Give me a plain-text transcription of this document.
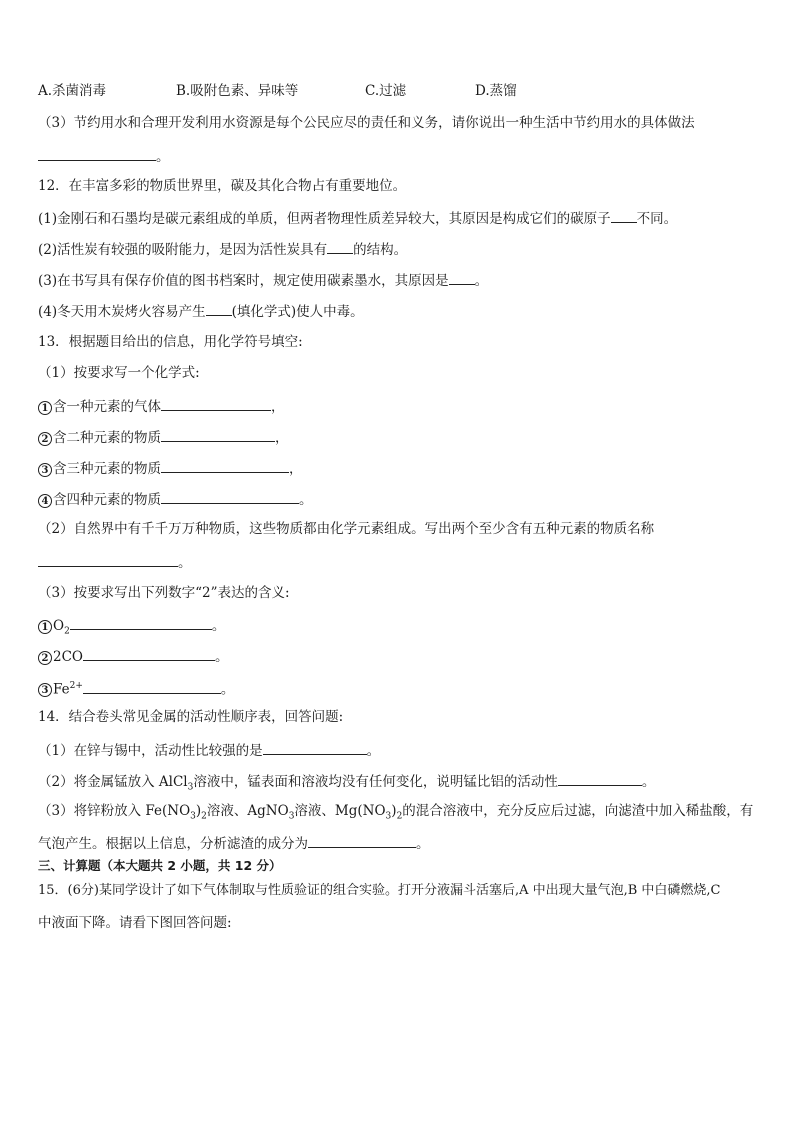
A.杀菌消毒	B.吸附色素、异味等	C.过滤	D.蒸馏
（3）节约用水和合理开发利用水资源是每个公民应尽的责任和义务，请你说出一种生活中节约用水的具体做法
。
12．在丰富多彩的物质世界里，碳及其化合物占有重要地位。
(1)金刚石和石墨均是碳元素组成的单质，但两者物理性质差异较大，其原因是构成它们的碳原子 不同。
(2)活性炭有较强的吸附能力，是因为活性炭具有 的结构。
(3)在书写具有保存价值的图书档案时，规定使用碳素墨水，其原因是 。
(4)冬天用木炭烤火容易产生 (填化学式)使人中毒。
13．根据题目给出的信息，用化学符号填空:
（1）按要求写一个化学式:
1 含一种元素的气体	，
2 含二种元素的物质	，
3 含三种元素的物质	，
4 含四种元素的物质	。
（2）自然界中有千千万万种物质，这些物质都由化学元素组成。写出两个至少含有五种元素的物质名称
。
（3）按要求写出下列数字“2”表达的含义:
1 $O_2$	。
2 2CO	。
3 $Fe^{2+}$	。
14．结合卷头常见金属的活动性顺序表，回答问题:
（1）在锌与锡中，活动性比较强的是	。
（2）将金属锰放入 AlCl$_3$溶液中，锰表面和溶液均没有任何变化，说明锰比铝的活动性	。
（3）将锌粉放入 $Fe(NO_3)_2$溶液、AgNO$_3$溶液、$Mg(NO_3)_2$的混合溶液中，充分反应后过滤，向滤渣中加入稀盐酸，有
气泡产生。根据以上信息，分析滤渣的成分为	。
三、计算题（本大题共 2 小题，共 12 分）
15．(6分)某同学设计了如下气体制取与性质验证的组合实验。打开分液漏斗活塞后,A 中出现大量气泡,B 中白磷燃烧,C
中液面下降。请看下图回答问题:
